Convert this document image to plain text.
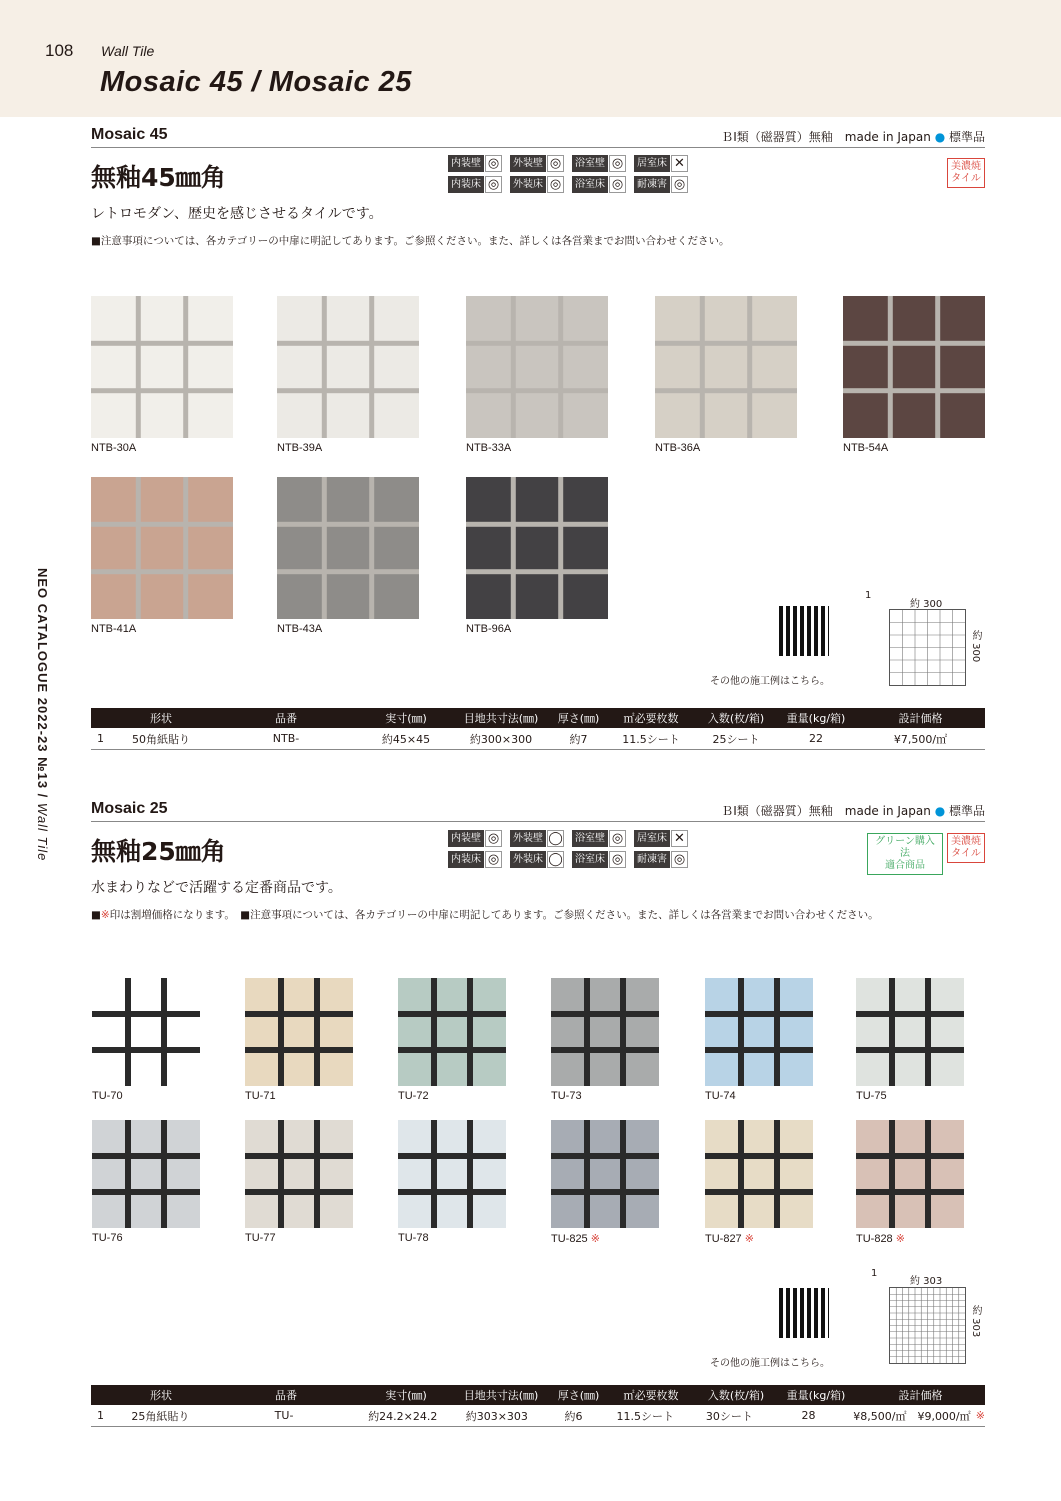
108 Wall Tile
Mosaic 45 / Mosaic 25
NEO CATALOGUE 2022-23 №13 / Wall Tile
Mosaic 45	ＢⅠ類（磁器質）無釉　made in Japan ● 標準品
無釉45㎜角	内装壁 ◎	外装壁 ◎	浴室壁 ◎	居室床 ✕
内装床 ◎	外装床 ◎	浴室床 ◎	耐凍害 ◎
美濃焼
タイル
レトロモダン、歴史を感じさせるタイルです。
■注意事項については、各カテゴリーの中扉に明記してあります。ご参照ください。また、詳しくは各営業までお問い合わせください。
NTB-30A	NTB-39A	NTB-33A	NTB-36A	NTB-54A
NTB-41A	NTB-43A	NTB-96A
その他の施工例はこちら。
1
約 300
約 300
形状	品番	実寸(㎜)	目地共寸法(㎜)	厚さ(㎜)	㎡必要枚数	入数(枚/箱)	重量(kg/箱)	設計価格
1	50角紙貼り	NTB-	約45×45	約300×300	約7	11.5シート	25シート	22	¥7,500/㎡
Mosaic 25	ＢⅠ類（磁器質）無釉　made in Japan ● 標準品
無釉25㎜角	内装壁 ◎	外装壁 ◯	浴室壁 ◎	居室床 ✕
内装床 ◎	外装床 ◯	浴室床 ◎	耐凍害 ◎
グリーン購入法
適合商品
美濃焼
タイル
水まわりなどで活躍する定番商品です。
■※印は割増価格になります。　■注意事項については、各カテゴリーの中扉に明記してあります。ご参照ください。また、詳しくは各営業までお問い合わせください。
TU-70	TU-71	TU-72	TU-73	TU-74	TU-75
TU-76	TU-77	TU-78	TU-825 ※	TU-827 ※	TU-828 ※
その他の施工例はこちら。
1
約 303
約 303
形状	品番	実寸(㎜)	目地共寸法(㎜)	厚さ(㎜)	㎡必要枚数	入数(枚/箱)	重量(kg/箱)	設計価格
1	25角紙貼り	TU-	約24.2×24.2	約303×303	約6	11.5シート	30シート	28	¥8,500/㎡　¥9,000/㎡ ※
